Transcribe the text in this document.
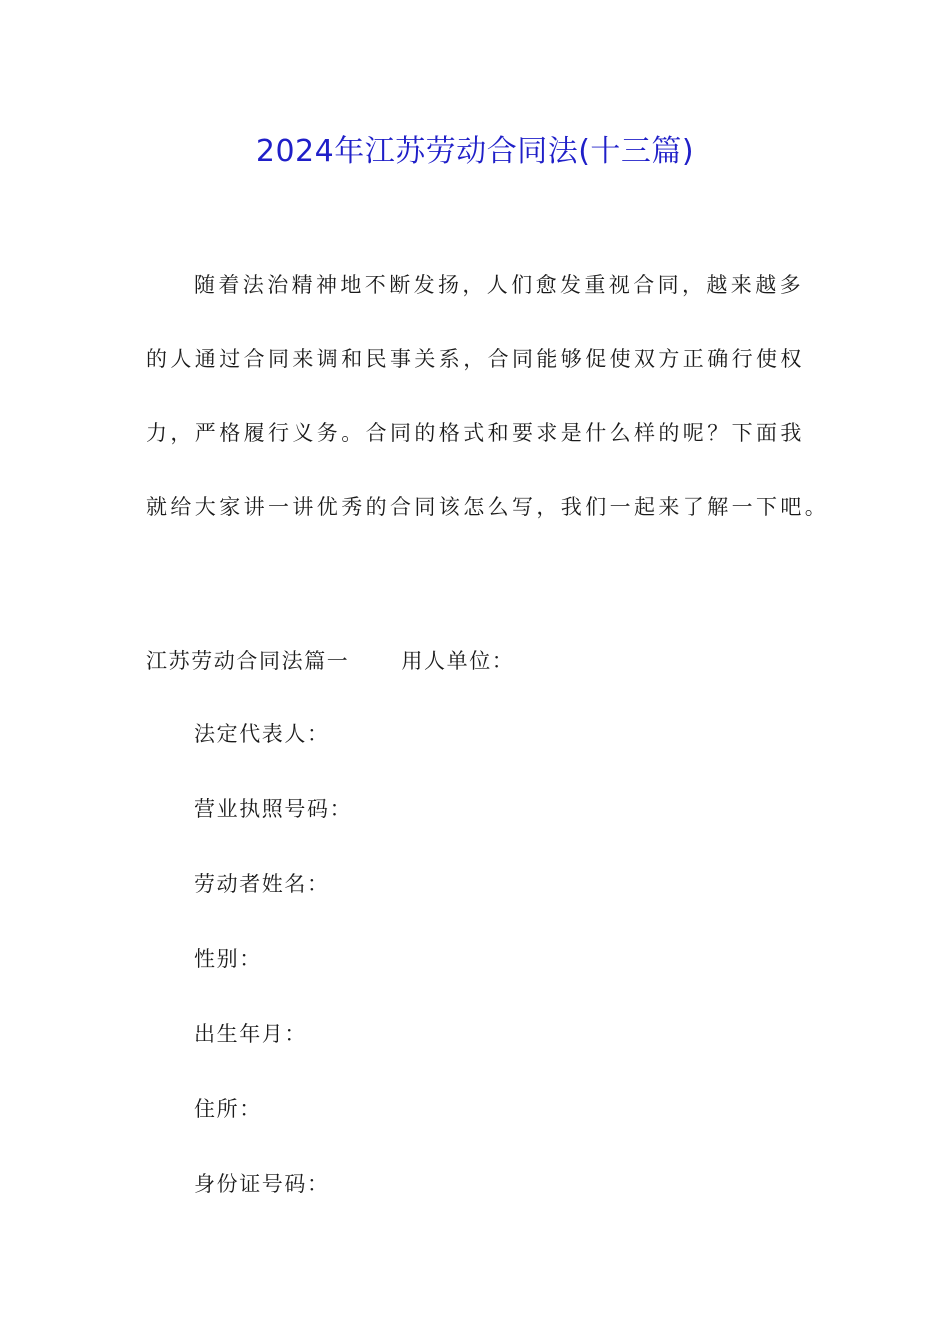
2024年江苏劳动合同法(十三篇)
随着法治精神地不断发扬，人们愈发重视合同，越来越多
的人通过合同来调和民事关系，合同能够促使双方正确行使权
力，严格履行义务。合同的格式和要求是什么样的呢？下面我
就给大家讲一讲优秀的合同该怎么写，我们一起来了解一下吧。

江苏劳动合同法篇一 用人单位：

法定代表人：
营业执照号码：
劳动者姓名：
性别：
出生年月：
住所：
身份证号码：
